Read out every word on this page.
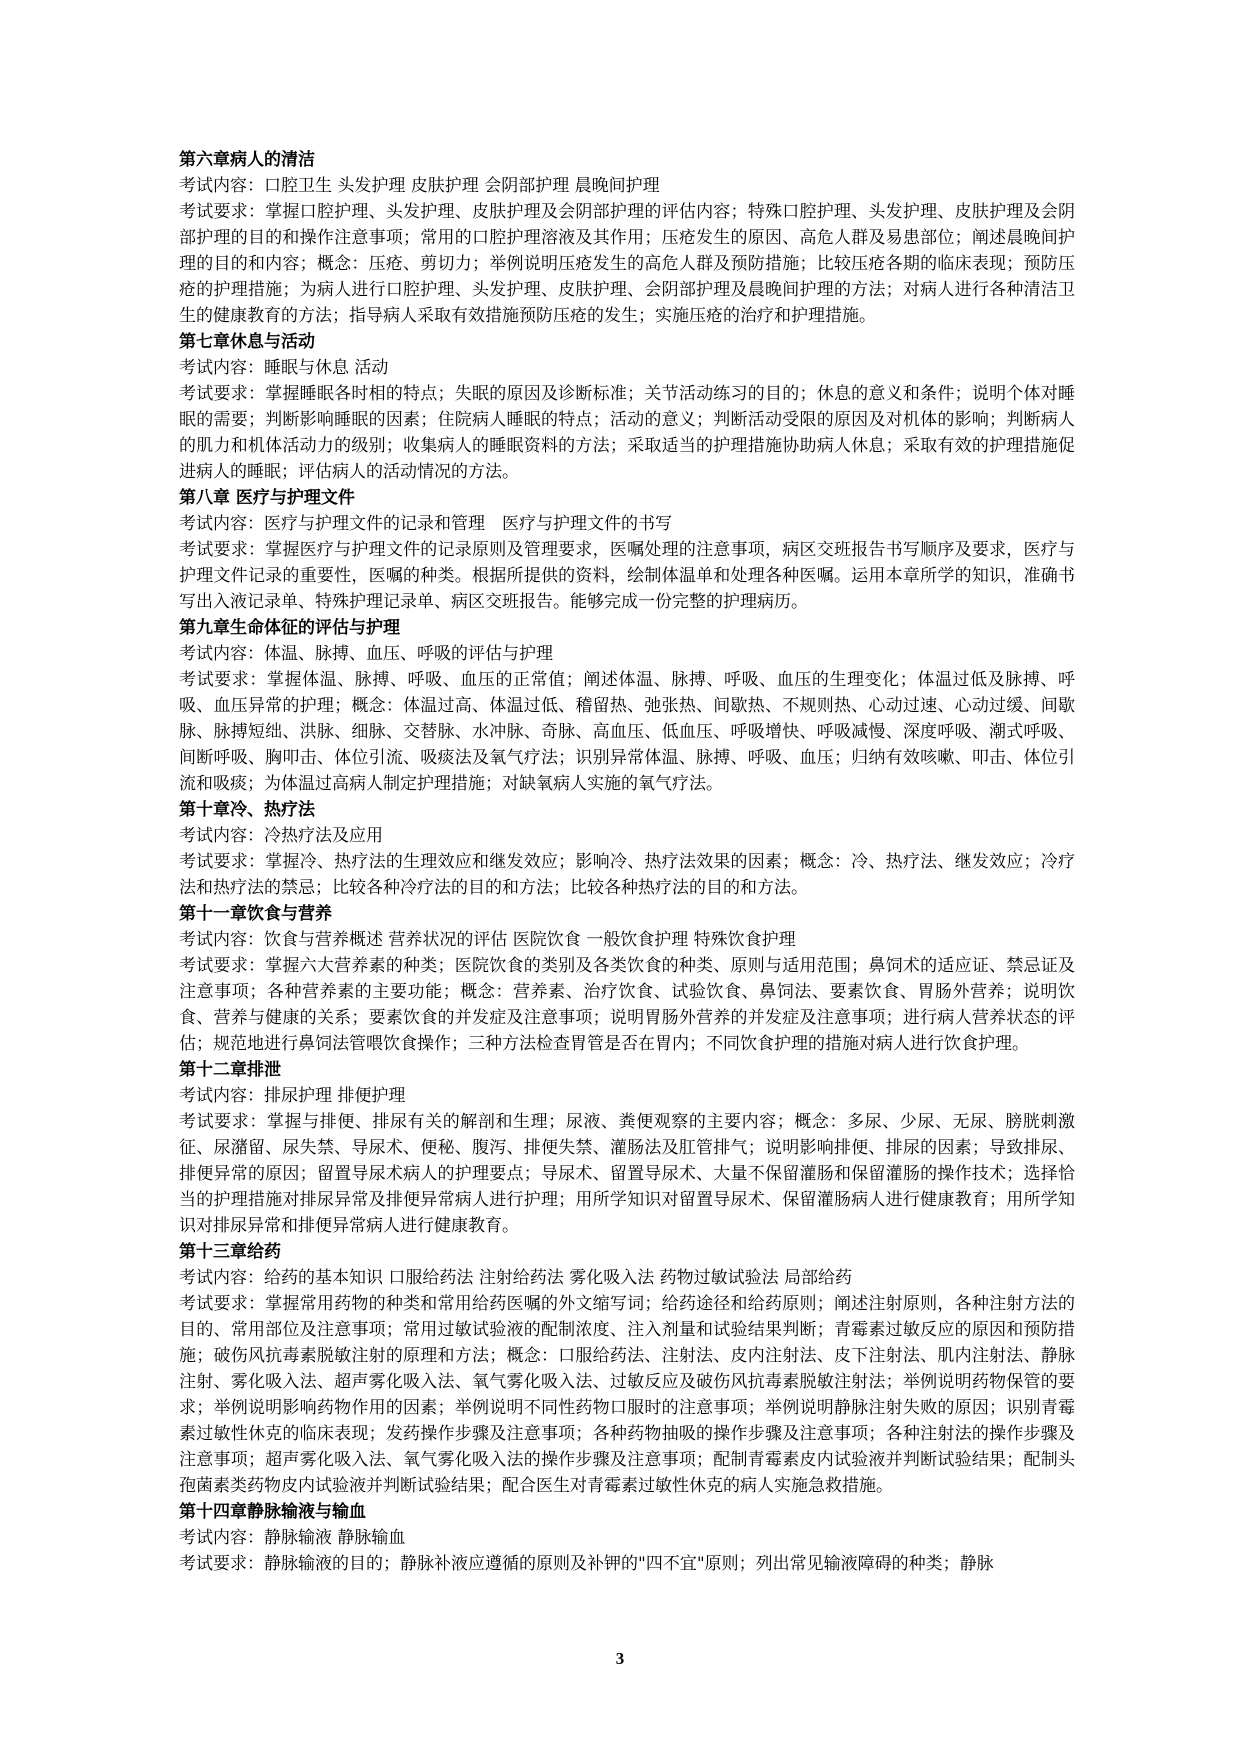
第六章病人的清洁

考试内容：口腔卫生 头发护理 皮肤护理 会阴部护理 晨晚间护理

考试要求：掌握口腔护理、头发护理、皮肤护理及会阴部护理的评估内容；特殊口腔护理、头发护理、皮肤护理及会阴部护理的目的和操作注意事项；常用的口腔护理溶液及其作用；压疮发生的原因、高危人群及易患部位；阐述晨晚间护理的目的和内容；概念：压疮、剪切力；举例说明压疮发生的高危人群及预防措施；比较压疮各期的临床表现；预防压疮的护理措施；为病人进行口腔护理、头发护理、皮肤护理、会阴部护理及晨晚间护理的方法；对病人进行各种清洁卫生的健康教育的方法；指导病人采取有效措施预防压疮的发生；实施压疮的治疗和护理措施。

第七章休息与活动

考试内容：睡眠与休息 活动

考试要求：掌握睡眠各时相的特点；失眠的原因及诊断标准；关节活动练习的目的；休息的意义和条件；说明个体对睡眠的需要；判断影响睡眠的因素；住院病人睡眠的特点；活动的意义；判断活动受限的原因及对机体的影响；判断病人的肌力和机体活动力的级别；收集病人的睡眠资料的方法；采取适当的护理措施协助病人休息；采取有效的护理措施促进病人的睡眠；评估病人的活动情况的方法。

第八章 医疗与护理文件

考试内容：医疗与护理文件的记录和管理　医疗与护理文件的书写

考试要求：掌握医疗与护理文件的记录原则及管理要求，医嘱处理的注意事项，病区交班报告书写顺序及要求，医疗与护理文件记录的重要性，医嘱的种类。根据所提供的资料，绘制体温单和处理各种医嘱。运用本章所学的知识，准确书写出入液记录单、特殊护理记录单、病区交班报告。能够完成一份完整的护理病历。

第九章生命体征的评估与护理

考试内容：体温、脉搏、血压、呼吸的评估与护理

考试要求：掌握体温、脉搏、呼吸、血压的正常值；阐述体温、脉搏、呼吸、血压的生理变化；体温过低及脉搏、呼吸、血压异常的护理；概念：体温过高、体温过低、稽留热、弛张热、间歇热、不规则热、心动过速、心动过缓、间歇脉、脉搏短绌、洪脉、细脉、交替脉、水冲脉、奇脉、高血压、低血压、呼吸增快、呼吸减慢、深度呼吸、潮式呼吸、间断呼吸、胸叩击、体位引流、吸痰法及氧气疗法；识别异常体温、脉搏、呼吸、血压；归纳有效咳嗽、叩击、体位引流和吸痰；为体温过高病人制定护理措施；对缺氧病人实施的氧气疗法。

第十章冷、热疗法

考试内容：冷热疗法及应用

考试要求：掌握冷、热疗法的生理效应和继发效应；影响冷、热疗法效果的因素；概念：冷、热疗法、继发效应；冷疗法和热疗法的禁忌；比较各种冷疗法的目的和方法；比较各种热疗法的目的和方法。

第十一章饮食与营养

考试内容：饮食与营养概述 营养状况的评估 医院饮食 一般饮食护理 特殊饮食护理

考试要求：掌握六大营养素的种类；医院饮食的类别及各类饮食的种类、原则与适用范围；鼻饲术的适应证、禁忌证及注意事项；各种营养素的主要功能；概念：营养素、治疗饮食、试验饮食、鼻饲法、要素饮食、胃肠外营养；说明饮食、营养与健康的关系；要素饮食的并发症及注意事项；说明胃肠外营养的并发症及注意事项；进行病人营养状态的评估；规范地进行鼻饲法管喂饮食操作；三种方法检查胃管是否在胃内；不同饮食护理的措施对病人进行饮食护理。

第十二章排泄

考试内容：排尿护理 排便护理

考试要求：掌握与排便、排尿有关的解剖和生理；尿液、粪便观察的主要内容；概念：多尿、少尿、无尿、膀胱刺激征、尿潴留、尿失禁、导尿术、便秘、腹泻、排便失禁、灌肠法及肛管排气；说明影响排便、排尿的因素；导致排尿、排便异常的原因；留置导尿术病人的护理要点；导尿术、留置导尿术、大量不保留灌肠和保留灌肠的操作技术；选择恰当的护理措施对排尿异常及排便异常病人进行护理；用所学知识对留置导尿术、保留灌肠病人进行健康教育；用所学知识对排尿异常和排便异常病人进行健康教育。

第十三章给药

考试内容：给药的基本知识 口服给药法 注射给药法 雾化吸入法 药物过敏试验法 局部给药

考试要求：掌握常用药物的种类和常用给药医嘱的外文缩写词；给药途径和给药原则；阐述注射原则，各种注射方法的目的、常用部位及注意事项；常用过敏试验液的配制浓度、注入剂量和试验结果判断；青霉素过敏反应的原因和预防措施；破伤风抗毒素脱敏注射的原理和方法；概念：口服给药法、注射法、皮内注射法、皮下注射法、肌内注射法、静脉注射、雾化吸入法、超声雾化吸入法、氧气雾化吸入法、过敏反应及破伤风抗毒素脱敏注射法；举例说明药物保管的要求；举例说明影响药物作用的因素；举例说明不同性药物口服时的注意事项；举例说明静脉注射失败的原因；识别青霉素过敏性休克的临床表现；发药操作步骤及注意事项；各种药物抽吸的操作步骤及注意事项；各种注射法的操作步骤及注意事项；超声雾化吸入法、氧气雾化吸入法的操作步骤及注意事项；配制青霉素皮内试验液并判断试验结果；配制头孢菌素类药物皮内试验液并判断试验结果；配合医生对青霉素过敏性休克的病人实施急救措施。

第十四章静脉输液与输血

考试内容：静脉输液 静脉输血

考试要求：静脉输液的目的；静脉补液应遵循的原则及补钾的"四不宜"原则；列出常见输液障碍的种类；静脉

3
